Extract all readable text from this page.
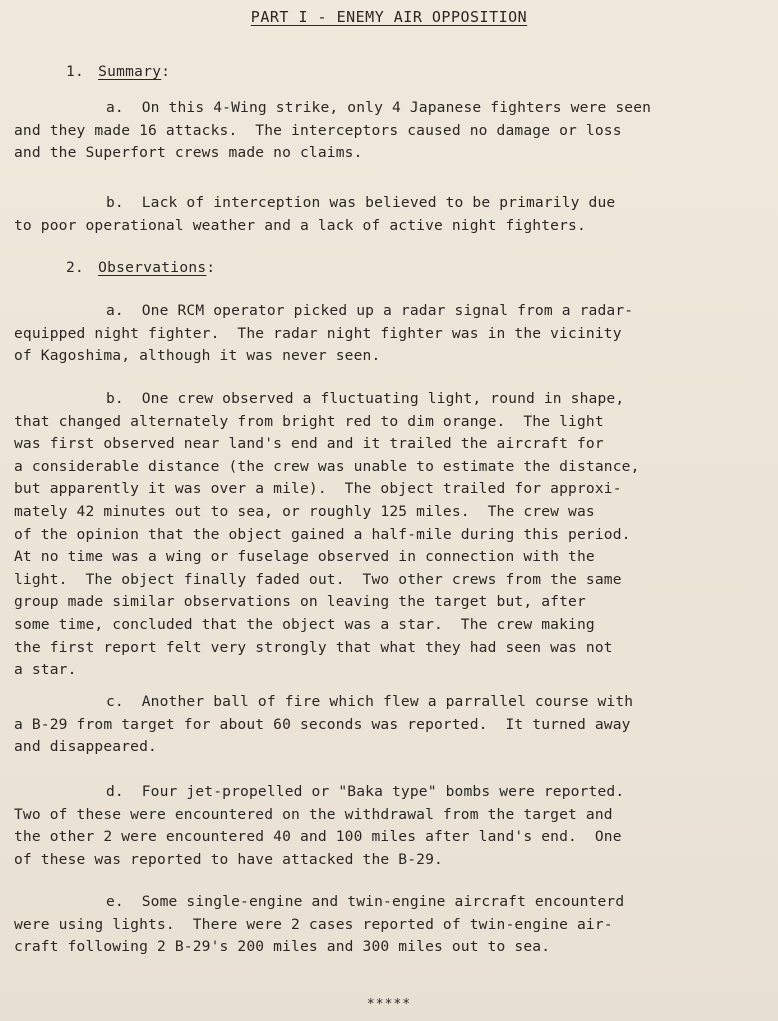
PART I - ENEMY AIR OPPOSITION
1. Summary:
a.  On this 4-Wing strike, only 4 Japanese fighters were seen
and they made 16 attacks.  The interceptors caused no damage or loss
and the Superfort crews made no claims.
b.  Lack of interception was believed to be primarily due
to poor operational weather and a lack of active night fighters.
2. Observations:
a.  One RCM operator picked up a radar signal from a radar-
equipped night fighter.  The radar night fighter was in the vicinity
of Kagoshima, although it was never seen.
b.  One crew observed a fluctuating light, round in shape,
that changed alternately from bright red to dim orange.  The light
was first observed near land's end and it trailed the aircraft for
a considerable distance (the crew was unable to estimate the distance,
but apparently it was over a mile).  The object trailed for approxi-
mately 42 minutes out to sea, or roughly 125 miles.  The crew was
of the opinion that the object gained a half-mile during this period.
At no time was a wing or fuselage observed in connection with the
light.  The object finally faded out.  Two other crews from the same
group made similar observations on leaving the target but, after
some time, concluded that the object was a star.  The crew making
the first report felt very strongly that what they had seen was not
a star.
c.  Another ball of fire which flew a parrallel course with
a B-29 from target for about 60 seconds was reported.  It turned away
and disappeared.
d.  Four jet-propelled or "Baka type" bombs were reported.
Two of these were encountered on the withdrawal from the target and
the other 2 were encountered 40 and 100 miles after land's end.  One
of these was reported to have attacked the B-29.
e.  Some single-engine and twin-engine aircraft encounterd
were using lights.  There were 2 cases reported of twin-engine air-
craft following 2 B-29's 200 miles and 300 miles out to sea.
*****
